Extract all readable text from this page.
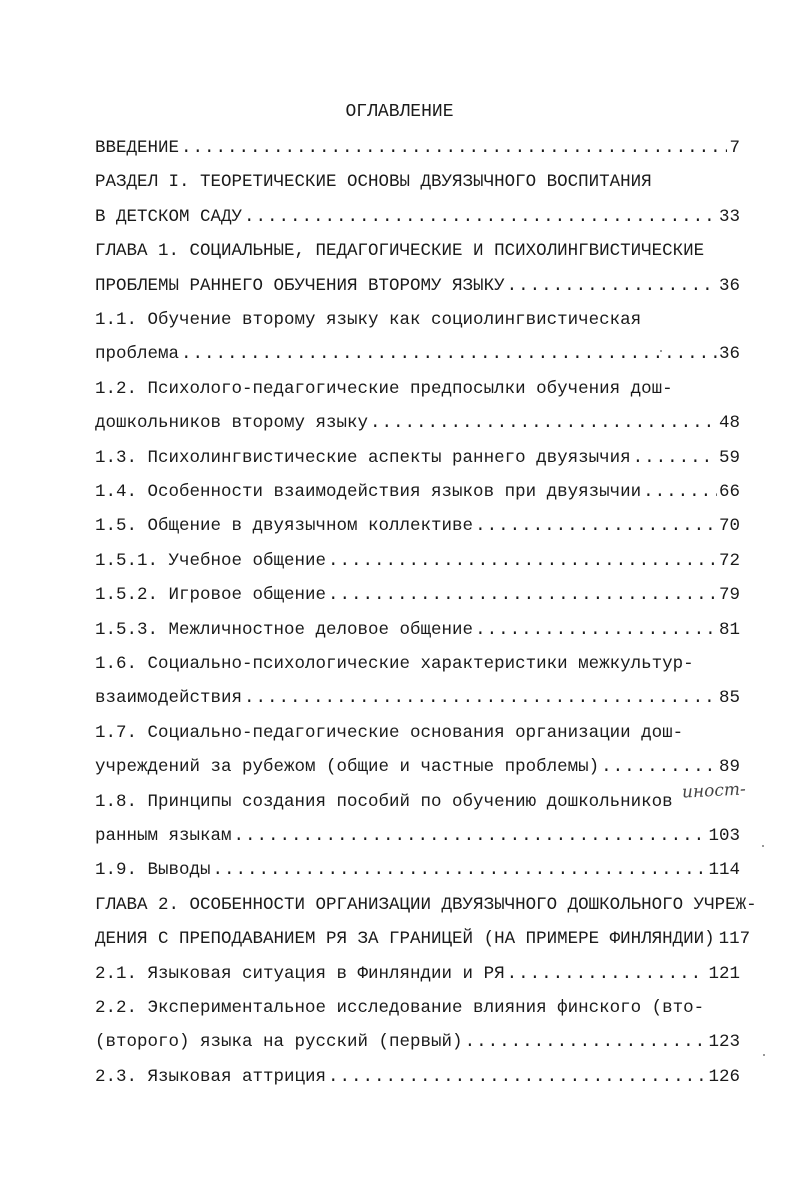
ОГЛАВЛЕНИЕ
ВВЕДЕНИЕ .....	7
РАЗДЕЛ I. ТЕОРЕТИЧЕСКИЕ ОСНОВЫ ДВУЯЗЫЧНОГО ВОСПИТАНИЯ
В ДЕТСКОМ САДУ .....	33
ГЛАВА 1. СОЦИАЛЬНЫЕ, ПЕДАГОГИЧЕСКИЕ И ПСИХОЛИНГВИСТИЧЕСКИЕ
ПРОБЛЕМЫ РАННЕГО ОБУЧЕНИЯ ВТОРОМУ ЯЗЫКУ .....	36
1.1. Обучение второму языку как социолингвистическая
проблема .....	36
1.2. Психолого-педагогические предпосылки обучения дош-
дошкольников второму языку .....	48
1.3. Психолингвистические аспекты раннего двуязычия .....	59
1.4. Особенности взаимодействия языков при двуязычии .....	66
1.5. Общение в двуязычном коллективе .....	70
1.5.1. Учебное общение .....	72
1.5.2. Игровое общение .....	79
1.5.3. Межличностное деловое общение .....	81
1.6. Социально-психологические характеристики межкультур-
взаимодействия .....	85
1.7. Социально-педагогические основания организации дош-
учреждений за рубежом (общие и частные проблемы) .....	89
1.8. Принципы создания пособий по обучению дошкольников
ранным языкам .....	103
1.9. Выводы .....	114
ГЛАВА 2. ОСОБЕННОСТИ ОРГАНИЗАЦИИ ДВУЯЗЫЧНОГО ДОШКОЛЬНОГО УЧРЕЖ-
ДЕНИЯ С ПРЕПОДАВАНИЕМ РЯ ЗА ГРАНИЦЕЙ (НА ПРИМЕРЕ ФИНЛЯНДИИ) 117
2.1. Языковая ситуация в Финляндии и РЯ .....	121
2.2. Экспериментальное исследование влияния финского (вто-
(второго) языка на русский (первый) .....	123
2.3. Языковая аттриция .....	126
иност-
